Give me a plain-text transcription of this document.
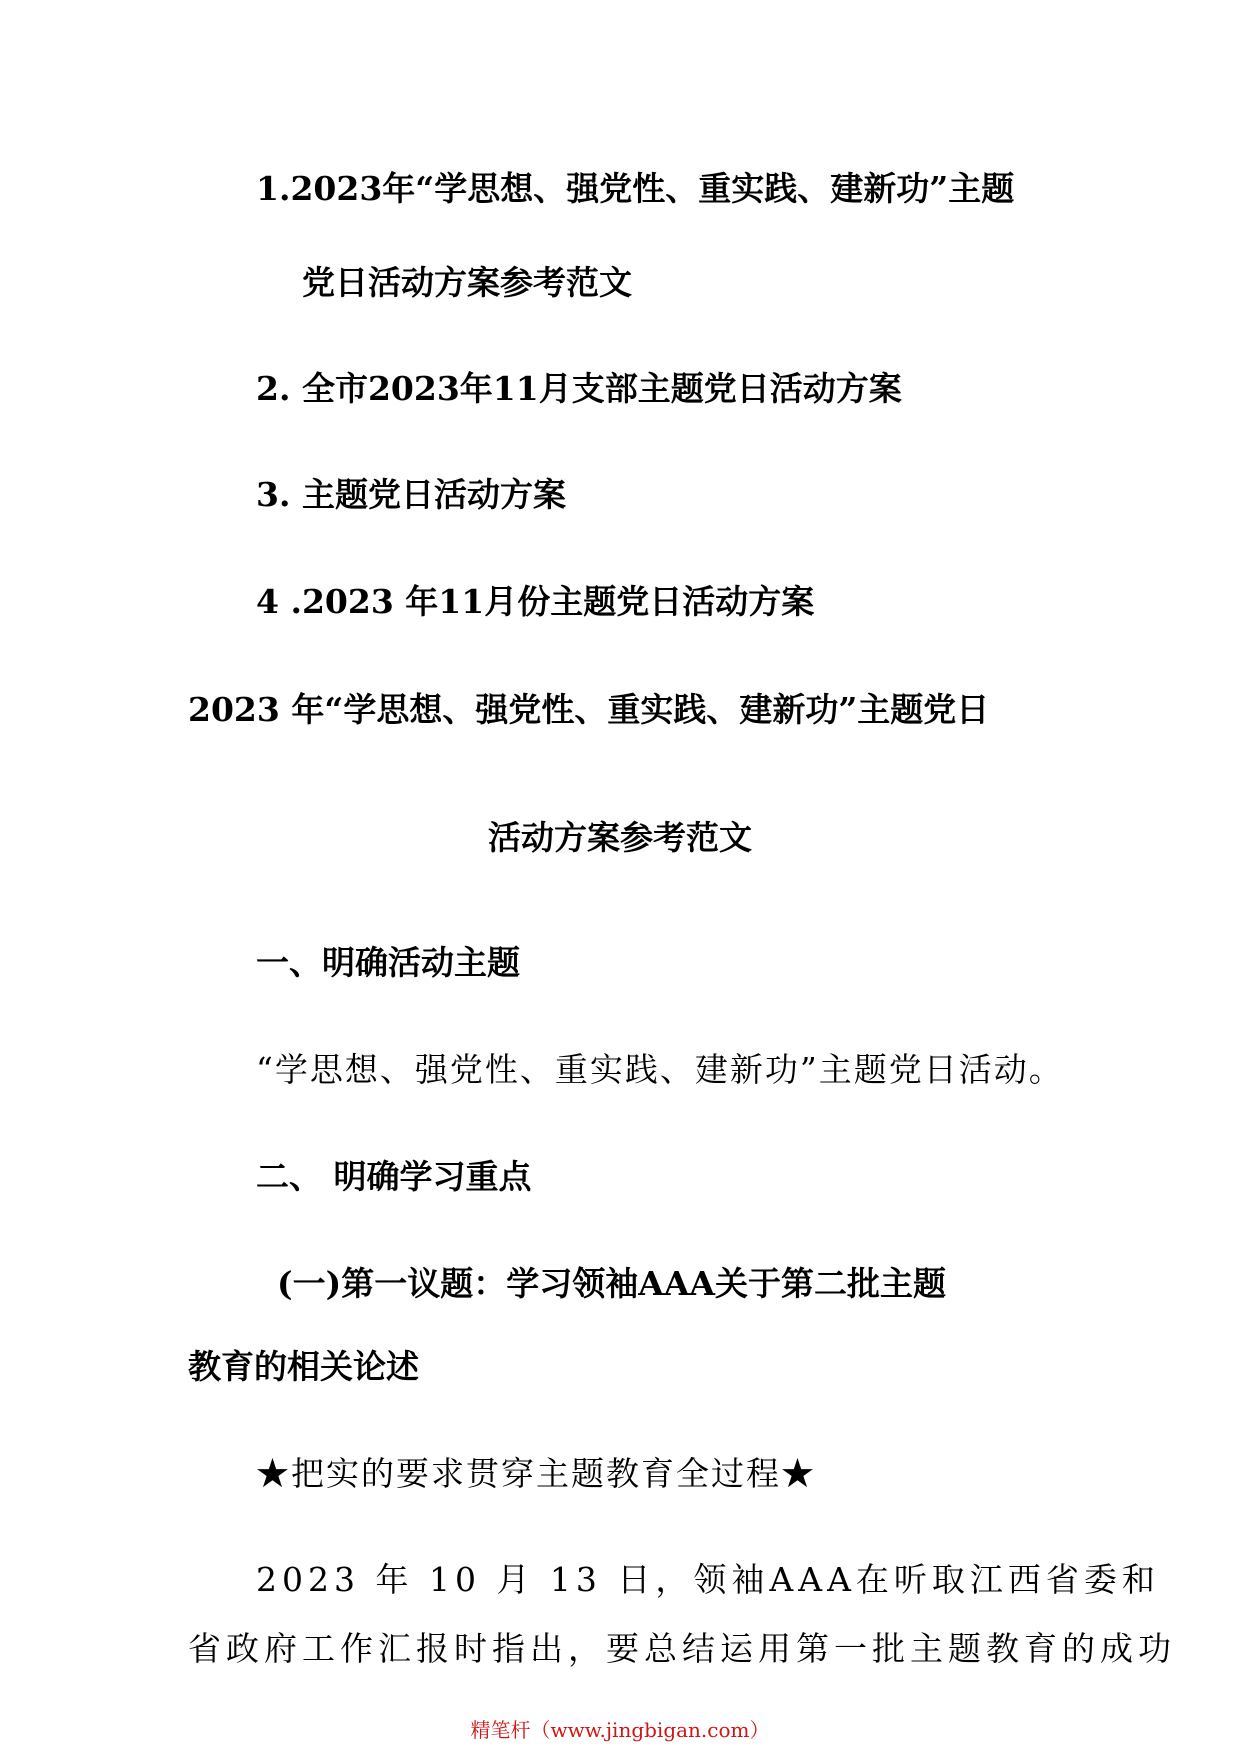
1.2023年“学思想、强党性、重实践、建新功”主题
党日活动方案参考范文
2. 全市2023年11月支部主题党日活动方案
3. 主题党日活动方案
4 .2023 年11月份主题党日活动方案
2023 年“学思想、强党性、重实践、建新功”主题党日
活动方案参考范文
一、明确活动主题
“学思想、强党性、重实践、建新功”主题党日活动。
二、 明确学习重点
(一)第一议题：学习领袖AAA关于第二批主题
教育的相关论述
★把实的要求贯穿主题教育全过程★
2023 年 10 月 13 日，领袖AAA在听取江西省委和
省政府工作汇报时指出，要总结运用第一批主题教育的成功
精笔杆（www.jingbigan.com）
